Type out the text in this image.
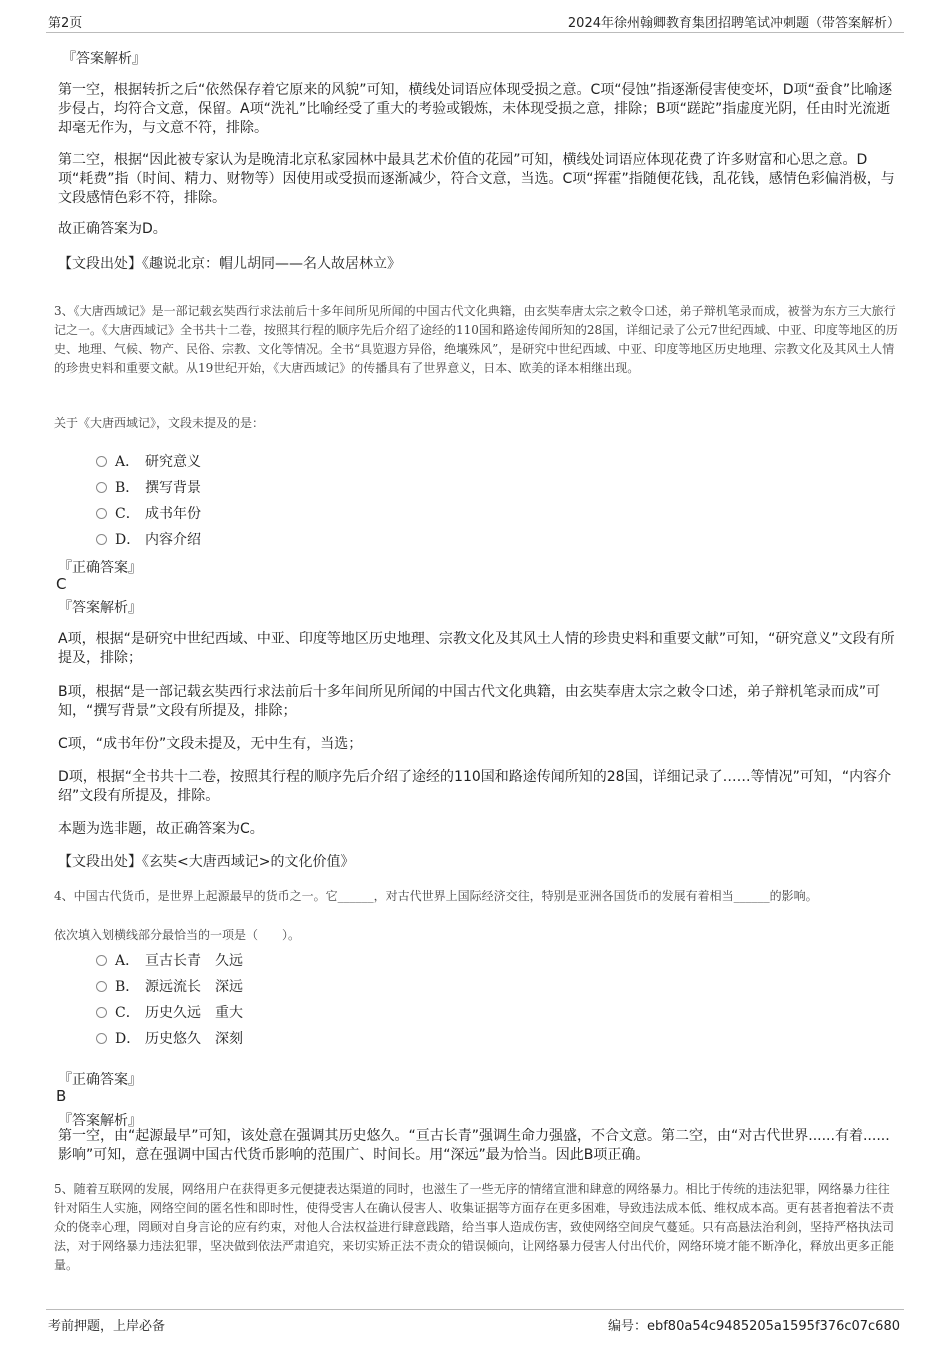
第2页	2024年徐州翰卿教育集团招聘笔试冲刺题（带答案解析）
『答案解析』
第一空，根据转折之后“依然保存着它原来的风貌”可知，横线处词语应体现受损之意。C项“侵蚀”指逐渐侵害使变坏，D项“蚕食”比喻逐步侵占，均符合文意，保留。A项“洗礼”比喻经受了重大的考验或锻炼，未体现受损之意，排除；B项“蹉跎”指虚度光阴，任由时光流逝却毫无作为，与文意不符，排除。
第二空，根据“因此被专家认为是晚清北京私家园林中最具艺术价值的花园”可知，横线处词语应体现花费了许多财富和心思之意。D项“耗费”指（时间、精力、财物等）因使用或受损而逐渐减少，符合文意，当选。C项“挥霍”指随便花钱，乱花钱，感情色彩偏消极，与文段感情色彩不符，排除。
故正确答案为D。
【文段出处】《趣说北京：帽儿胡同——名人故居林立》
3、《大唐西域记》是一部记载玄奘西行求法前后十多年间所见所闻的中国古代文化典籍，由玄奘奉唐太宗之敕令口述，弟子辩机笔录而成，被誉为东方三大旅行记之一。《大唐西域记》全书共十二卷，按照其行程的顺序先后介绍了途经的110国和路途传闻所知的28国，详细记录了公元7世纪西域、中亚、印度等地区的历史、地理、气候、物产、民俗、宗教、文化等情况。全书“具览遐方异俗，绝壤殊风”，是研究中世纪西域、中亚、印度等地区历史地理、宗教文化及其风土人情的珍贵史料和重要文献。从19世纪开始，《大唐西域记》的传播具有了世界意义，日本、欧美的译本相继出现。
关于《大唐西域记》，文段未提及的是：
A． 研究意义
B． 撰写背景
C． 成书年份
D． 内容介绍
『正确答案』
C
『答案解析』
A项，根据“是研究中世纪西域、中亚、印度等地区历史地理、宗教文化及其风土人情的珍贵史料和重要文献”可知，“研究意义”文段有所提及，排除；
B项，根据“是一部记载玄奘西行求法前后十多年间所见所闻的中国古代文化典籍，由玄奘奉唐太宗之敕令口述，弟子辩机笔录而成”可知，“撰写背景”文段有所提及，排除；
C项，“成书年份”文段未提及，无中生有，当选；
D项，根据“全书共十二卷，按照其行程的顺序先后介绍了途经的110国和路途传闻所知的28国，详细记录了……等情况”可知，“内容介绍”文段有所提及，排除。
本题为选非题，故正确答案为C。
【文段出处】《玄奘<大唐西域记>的文化价值》
4、中国古代货币，是世界上起源最早的货币之一。它______，对古代世界上国际经济交往，特别是亚洲各国货币的发展有着相当______的影响。
依次填入划横线部分最恰当的一项是（　　）。
A． 亘古长青　久远
B． 源远流长　深远
C． 历史久远　重大
D． 历史悠久　深刻
『正确答案』
B
『答案解析』
第一空，由“起源最早”可知，该处意在强调其历史悠久。“亘古长青”强调生命力强盛，不合文意。第二空，由“对古代世界......有着......影响”可知，意在强调中国古代货币影响的范围广、时间长。用“深远”最为恰当。因此B项正确。
5、随着互联网的发展，网络用户在获得更多元便捷表达渠道的同时，也滋生了一些无序的情绪宣泄和肆意的网络暴力。相比于传统的违法犯罪，网络暴力往往针对陌生人实施，网络空间的匿名性和即时性，使得受害人在确认侵害人、收集证据等方面存在更多困难，导致违法成本低、维权成本高。更有甚者抱着法不责众的侥幸心理，罔顾对自身言论的应有约束，对他人合法权益进行肆意践踏，给当事人造成伤害，致使网络空间戾气蔓延。只有高悬法治利剑，坚持严格执法司法，对于网络暴力违法犯罪，坚决做到依法严肃追究，来切实矫正法不责众的错误倾向，让网络暴力侵害人付出代价，网络环境才能不断净化，释放出更多正能量。
考前押题，上岸必备	编号：ebf80a54c9485205a1595f376c07c680
